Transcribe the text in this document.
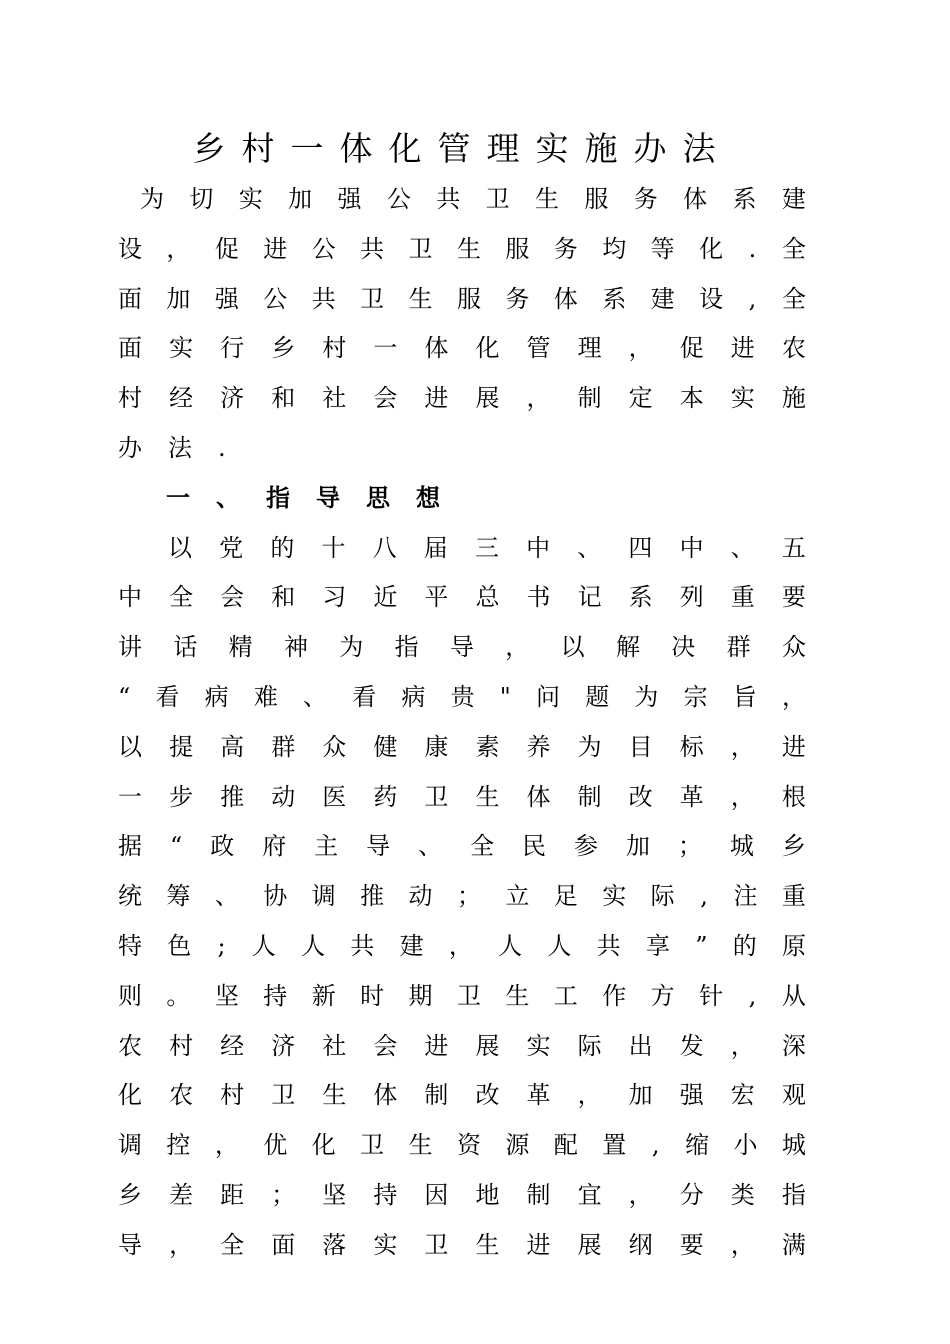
乡村一体化管理实施办法
为 切 实 加 强 公 共 卫 生 服 务 体 系 建
设 ， 促 进 公 共 卫 生 服 务 均 等 化 . 全
面 加 强 公 共 卫 生 服 务 体 系 建 设 , 全
面 实 行 乡 村 一 体 化 管 理 ， 促 进 农
村 经 济 和 社 会 进 展 ， 制 定 本 实 施
办	法	.
一	、	指	导	思	想
以 党 的 十 八 届 三 中 、 四 中 、 五
中 全 会 和 习 近 平 总 书 记 系 列 重 要
讲 话 精 神 为 指 导 ， 以 解 决 群 众
“ 看 病 难 、 看 病 贵 " 问 题 为 宗 旨 ，
以 提 高 群 众 健 康 素 养 为 目 标 ， 进
一 步 推 动 医 药 卫 生 体 制 改 革 ， 根
据 “ 政 府 主 导 、 全 民 参 加 ； 城 乡
统 筹 、 协 调 推 动 ； 立 足 实 际 , 注 重
特 色 ; 人 人 共 建 ， 人 人 共 享 ” 的 原
则 。 坚 持 新 时 期 卫 生 工 作 方 针 , 从
农 村 经 济 社 会 进 展 实 际 出 发 ， 深
化 农 村 卫 生 体 制 改 革 ， 加 强 宏 观
调 控 ， 优 化 卫 生 资 源 配 置 , 缩 小 城
乡 差 距 ； 坚 持 因 地 制 宜 ， 分 类 指
导 ， 全 面 落 实 卫 生 进 展 纲 要 ， 满
